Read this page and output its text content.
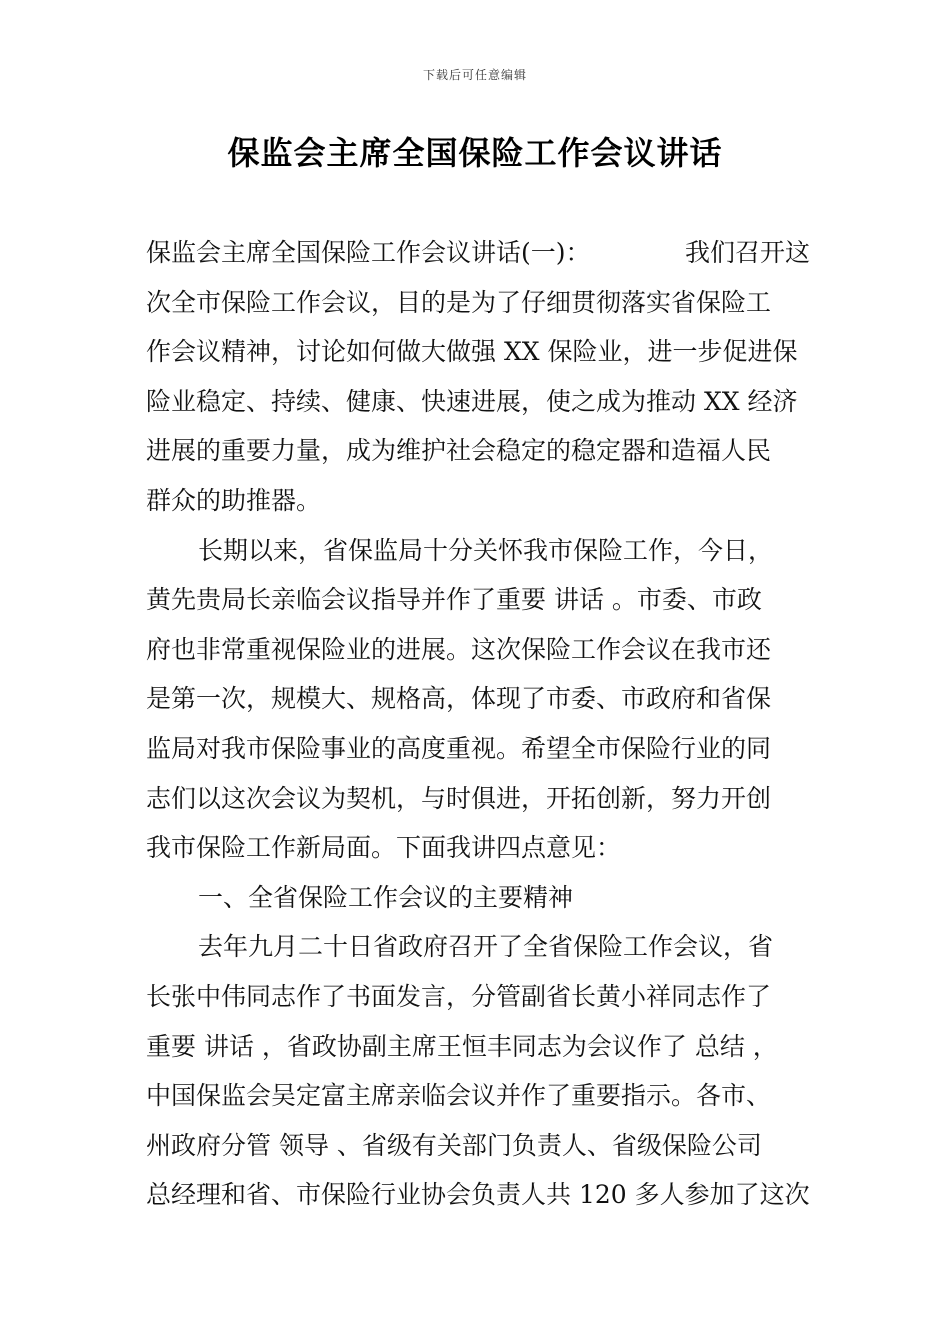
下载后可任意编辑
保监会主席全国保险工作会议讲话
保监会主席全国保险工作会议讲话(一)：	我们召开这
次全市保险工作会议，目的是为了仔细贯彻落实省保险工
作会议精神，讨论如何做大做强 XX 保险业，进一步促进保
险业稳定、持续、健康、快速进展，使之成为推动 XX 经济
进展的重要力量，成为维护社会稳定的稳定器和造福人民
群众的助推器。
长期以来，省保监局十分关怀我市保险工作，今日，
黄先贵局长亲临会议指导并作了重要 讲话 。市委、市政
府也非常重视保险业的进展。这次保险工作会议在我市还
是第一次，规模大、规格高，体现了市委、市政府和省保
监局对我市保险事业的高度重视。希望全市保险行业的同
志们以这次会议为契机，与时俱进，开拓创新，努力开创
我市保险工作新局面。下面我讲四点意见：
一、全省保险工作会议的主要精神
去年九月二十日省政府召开了全省保险工作会议，省
长张中伟同志作了书面发言，分管副省长黄小祥同志作了
重要 讲话 ，省政协副主席王恒丰同志为会议作了 总结 ，
中国保监会吴定富主席亲临会议并作了重要指示。各市、
州政府分管 领导 、省级有关部门负责人、省级保险公司
总经理和省、市保险行业协会负责人共 120 多人参加了这次
